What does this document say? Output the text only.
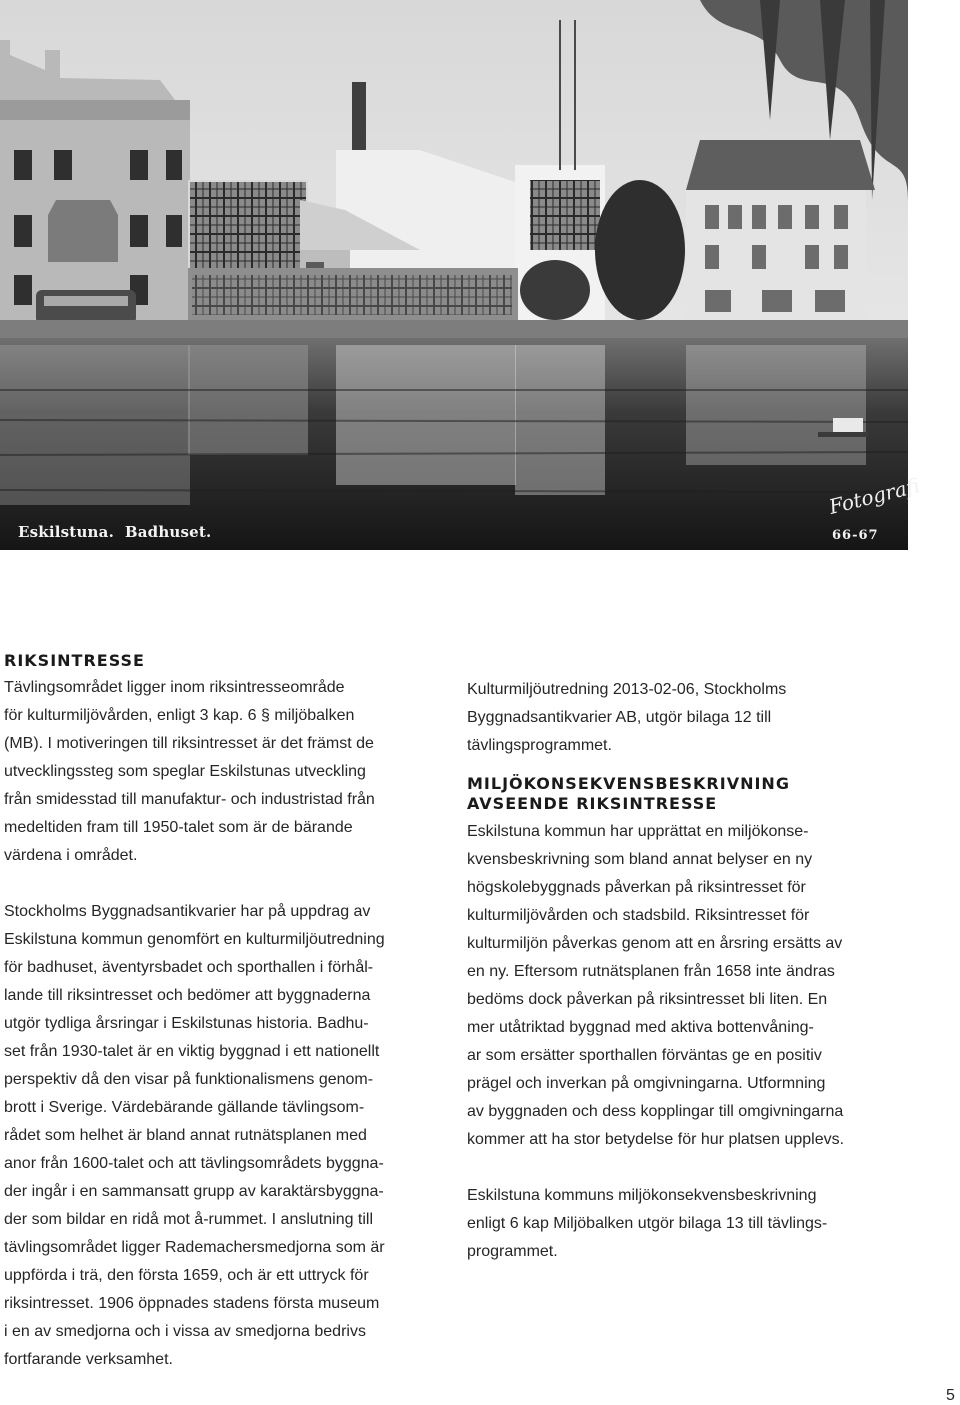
Eskilstuna.  Badhuset.
Fotografi
66-67
RIKSINTRESSE

Tävlingsområdet ligger inom riksintresseområde
för kulturmiljövården, enligt 3 kap. 6 § miljöbalken
(MB). I motiveringen till riksintresset är det främst de
utvecklingssteg som speglar Eskilstunas utveckling
från smidesstad till manufaktur- och industristad från
medeltiden fram till 1950-talet som är de bärande
värdena i området.

Stockholms Byggnadsantikvarier har på uppdrag av
Eskilstuna kommun genomfört en kulturmiljöutredning
för badhuset, äventyrsbadet och sporthallen i förhål-
lande till riksintresset och bedömer att byggnaderna
utgör tydliga årsringar i Eskilstunas historia. Badhu-
set från 1930-talet är en viktig byggnad i ett nationellt
perspektiv då den visar på funktionalismens genom-
brott i Sverige. Värdebärande gällande tävlingsom-
rådet som helhet är bland annat rutnätsplanen med
anor från 1600-talet och att tävlingsområdets byggna-
der ingår i en sammansatt grupp av karaktärsbyggna-
der som bildar en ridå mot å-rummet. I anslutning till
tävlingsområdet ligger Rademachersmedjorna som är
uppförda i trä, den första 1659, och är ett uttryck för
riksintresset. 1906 öppnades stadens första museum
i en av smedjorna och i vissa av smedjorna bedrivs
fortfarande verksamhet.

Kulturmiljöutredning 2013-02-06, Stockholms
Byggnadsantikvarier AB, utgör bilaga 12 till
tävlingsprogrammet.

MILJÖKONSEKVENSBESKRIVNING
AVSEENDE RIKSINTRESSE

Eskilstuna kommun har upprättat en miljökonse-
kvensbeskrivning som bland annat belyser en ny
högskolebyggnads påverkan på riksintresset för
kulturmiljövården och stadsbild. Riksintresset för
kulturmiljön påverkas genom att en årsring ersätts av
en ny. Eftersom rutnätsplanen från 1658 inte ändras
bedöms dock påverkan på riksintresset bli liten. En
mer utåtriktad byggnad med aktiva bottenvåning-
ar som ersätter sporthallen förväntas ge en positiv
prägel och inverkan på omgivningarna. Utformning
av byggnaden och dess kopplingar till omgivningarna
kommer att ha stor betydelse för hur platsen upplevs.

Eskilstuna kommuns miljökonsekvensbeskrivning
enligt 6 kap Miljöbalken utgör bilaga 13 till tävlings-
programmet.

5
